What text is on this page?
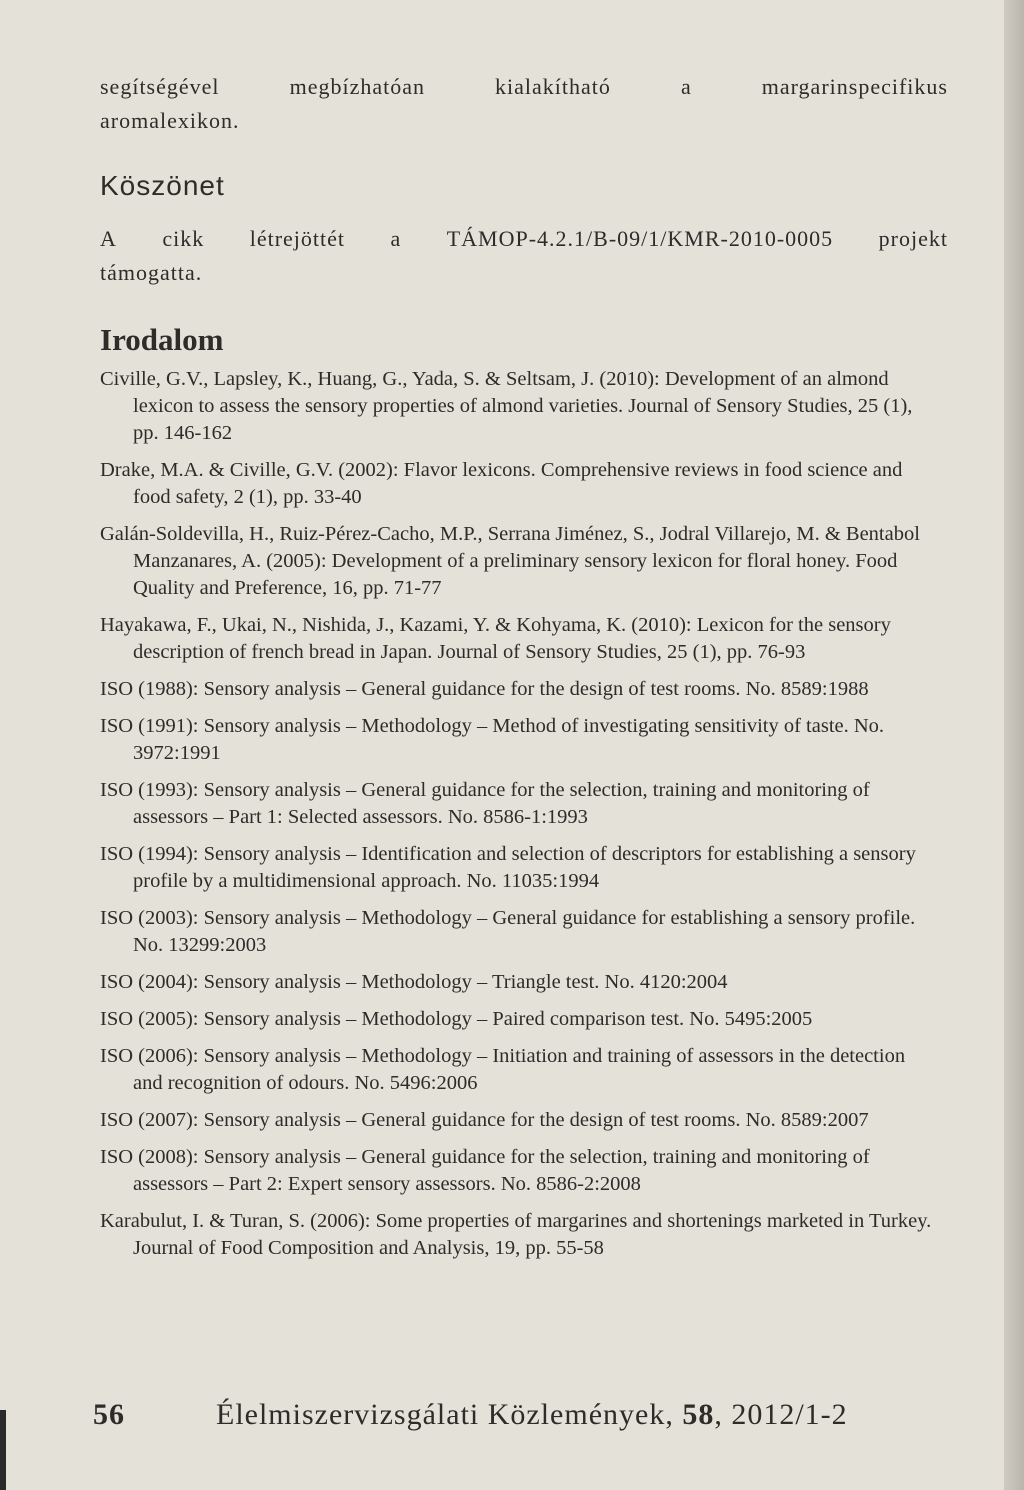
segítségével	megbízhatóan	kialakítható	a	margarinspecifikus
aromalexikon.
Köszönet
A cikk létrejöttét a TÁMOP-4.2.1/B-09/1/KMR-2010-0005 projekt
támogatta.
Irodalom
Civille, G.V., Lapsley, K., Huang, G., Yada, S. & Seltsam, J. (2010): Development of an almond lexicon to assess the sensory properties of almond varieties. Journal of Sensory Studies, 25 (1), pp. 146-162
Drake, M.A. & Civille, G.V. (2002): Flavor lexicons. Comprehensive reviews in food science and food safety, 2 (1), pp. 33-40
Galán-Soldevilla, H., Ruiz-Pérez-Cacho, M.P., Serrana Jiménez, S., Jodral Villarejo, M. & Bentabol Manzanares, A. (2005): Development of a preliminary sensory lexicon for floral honey. Food Quality and Preference, 16, pp. 71-77
Hayakawa, F., Ukai, N., Nishida, J., Kazami, Y. & Kohyama, K. (2010): Lexicon for the sensory description of french bread in Japan. Journal of Sensory Studies, 25 (1), pp. 76-93
ISO (1988): Sensory analysis – General guidance for the design of test rooms. No. 8589:1988
ISO (1991): Sensory analysis – Methodology – Method of investigating sensitivity of taste. No. 3972:1991
ISO (1993): Sensory analysis – General guidance for the selection, training and monitoring of assessors – Part 1: Selected assessors. No. 8586-1:1993
ISO (1994): Sensory analysis – Identification and selection of descriptors for establishing a sensory profile by a multidimensional approach. No. 11035:1994
ISO (2003): Sensory analysis – Methodology – General guidance for establishing a sensory profile. No. 13299:2003
ISO (2004): Sensory analysis – Methodology – Triangle test. No. 4120:2004
ISO (2005): Sensory analysis – Methodology – Paired comparison test. No. 5495:2005
ISO (2006): Sensory analysis – Methodology – Initiation and training of assessors in the detection and recognition of odours. No. 5496:2006
ISO (2007): Sensory analysis – General guidance for the design of test rooms. No. 8589:2007
ISO (2008): Sensory analysis – General guidance for the selection, training and monitoring of assessors – Part 2: Expert sensory assessors. No. 8586-2:2008
Karabulut, I. & Turan, S. (2006): Some properties of margarines and shortenings marketed in Turkey. Journal of Food Composition and Analysis, 19, pp. 55-58
56	Élelmiszervizsgálati Közlemények, 58, 2012/1-2
